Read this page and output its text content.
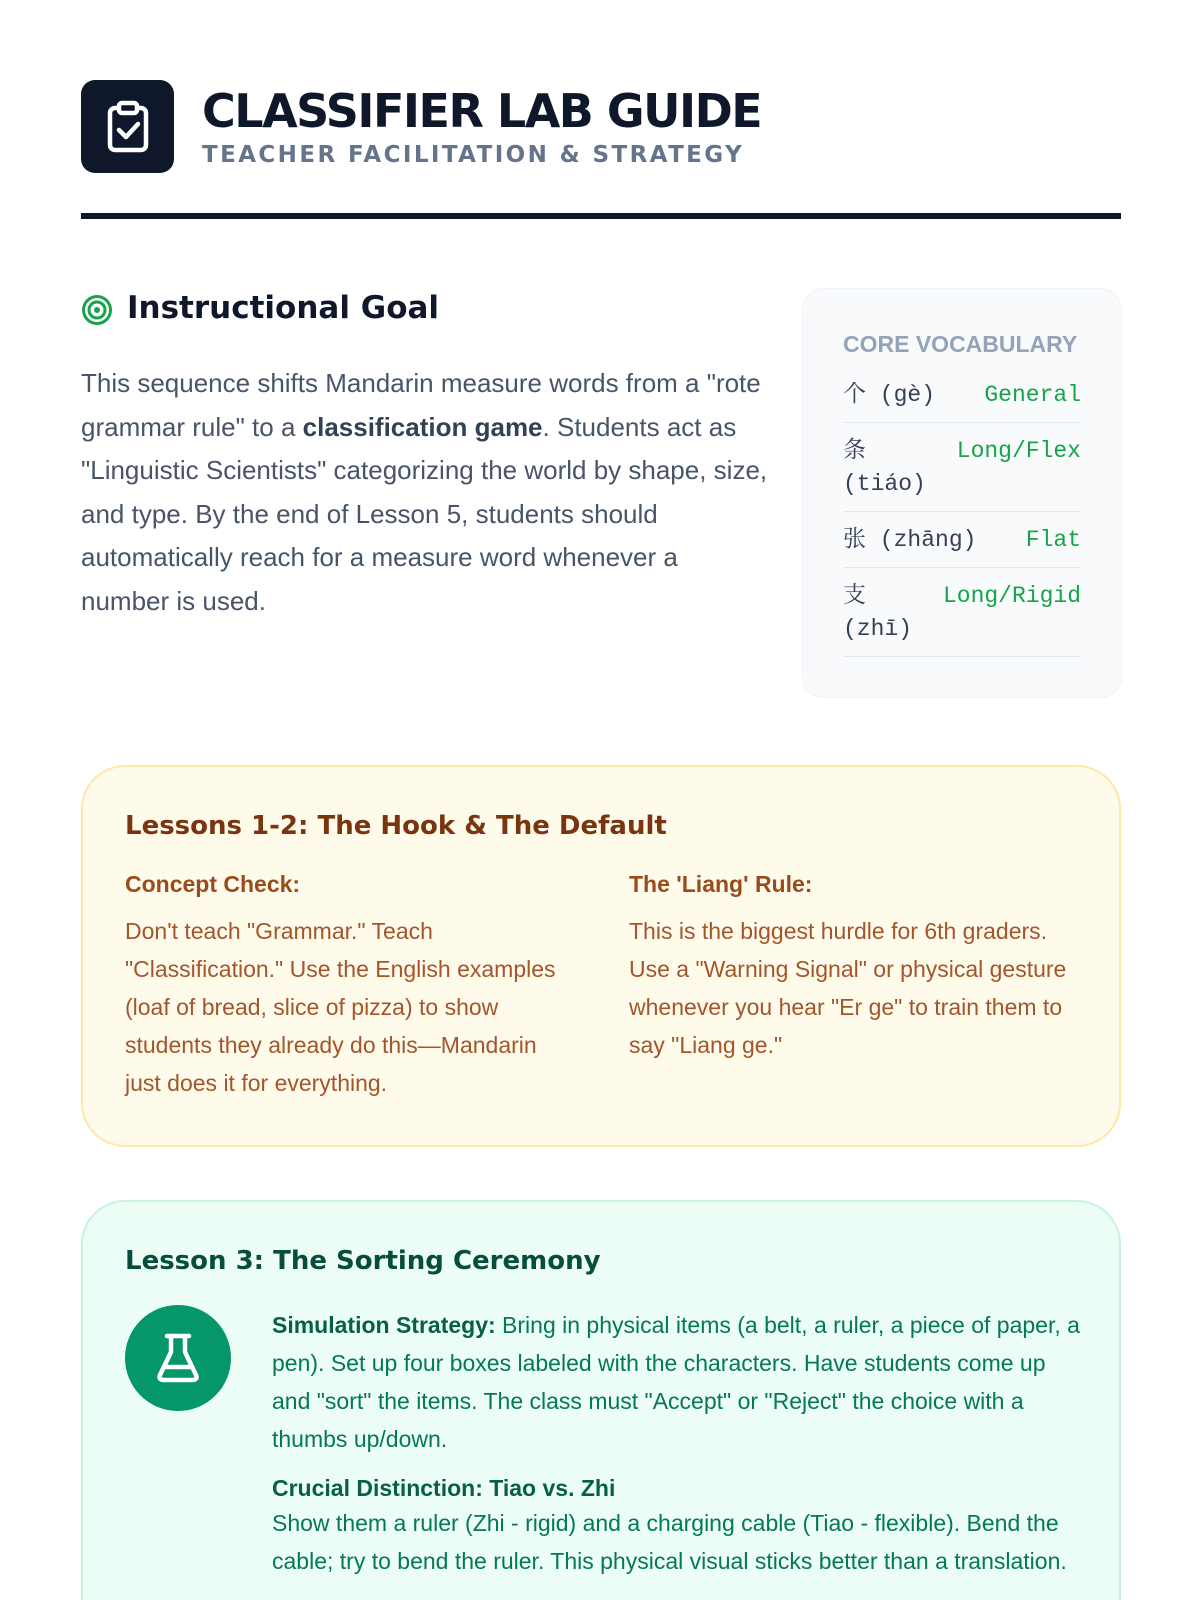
CLASSIFIER LAB GUIDE
TEACHER FACILITATION & STRATEGY
Instructional Goal

This sequence shifts Mandarin measure words from a "rote grammar rule" to a classification game. Students act as "Linguistic Scientists" categorizing the world by shape, size, and type. By the end of Lesson 5, students should automatically reach for a measure word whenever a number is used.

CORE VOCABULARY
个 (gè) General
条 (tiáo)
Long/Flex
张 (zhāng) Flat
支 (zhī)
Long/Rigid
Lessons 1-2: The Hook & The Default
Concept Check:
Don't teach "Grammar." Teach "Classification." Use the English examples (loaf of bread, slice of pizza) to show students they already do this—Mandarin just does it for everything.
The 'Liang' Rule:
This is the biggest hurdle for 6th graders. Use a "Warning Signal" or physical gesture whenever you hear "Er ge" to train them to say "Liang ge."
Lesson 3: The Sorting Ceremony

Simulation Strategy: Bring in physical items (a belt, a ruler, a piece of paper, a pen). Set up four boxes labeled with the characters. Have students come up and "sort" the items. The class must "Accept" or "Reject" the choice with a thumbs up/down.

Crucial Distinction: Tiao vs. Zhi

Show them a ruler (Zhi - rigid) and a charging cable (Tiao - flexible). Bend the cable; try to bend the ruler. This physical visual sticks better than a translation.
